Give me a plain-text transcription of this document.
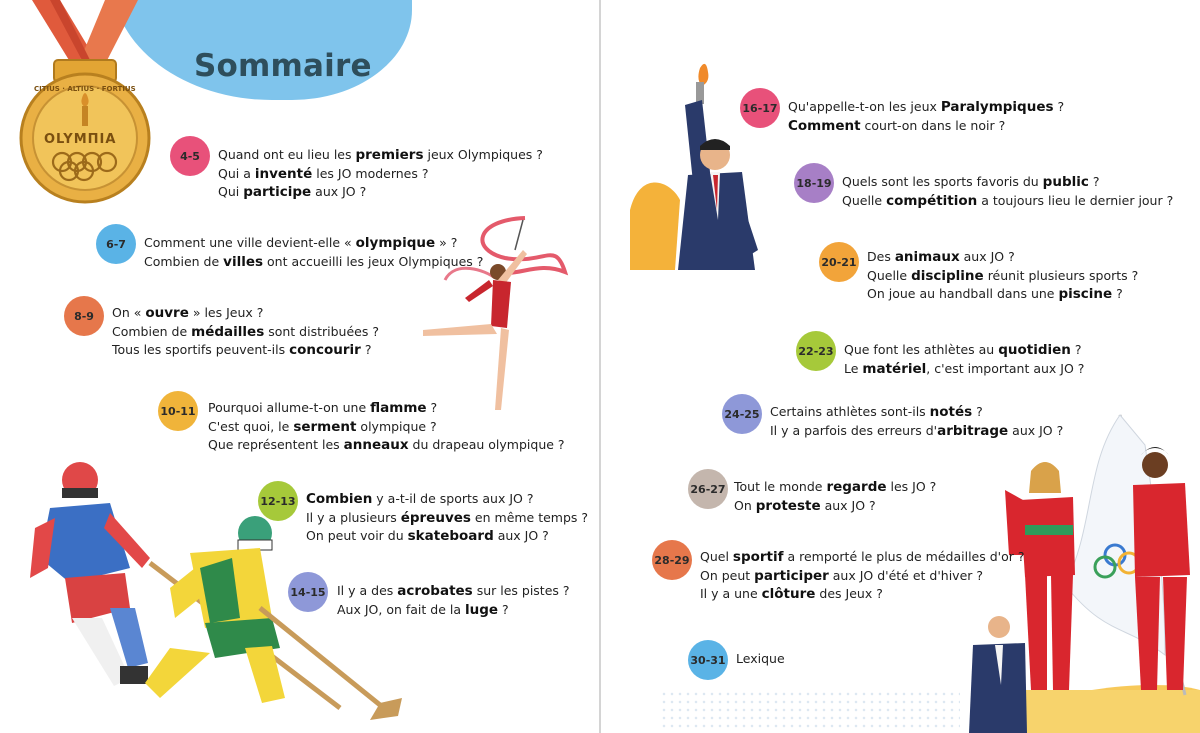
CITIUS · ALTIUS · FORTIUS
OLYMΠIA
Sommaire
4-5	Quand ont eu lieu les premiers jeux Olympiques ?
Qui a inventé les JO modernes ?
Qui participe aux JO ?
6-7	Comment une ville devient-elle « olympique » ?
Combien de villes ont accueilli les jeux Olympiques ?
8-9	On « ouvre » les Jeux ?
Combien de médailles sont distribuées ?
Tous les sportifs peuvent-ils concourir ?
10-11 Pourquoi allume-t-on une flamme ?
C'est quoi, le serment olympique ?
Que représentent les anneaux du drapeau olympique ?
12-13 Combien y a-t-il de sports aux JO ?
Il y a plusieurs épreuves en même temps ?
On peut voir du skateboard aux JO ?
14-15 Il y a des acrobates sur les pistes ?
Aux JO, on fait de la luge ?
16-17 Qu'appelle-t-on les jeux Paralympiques ?
Comment court-on dans le noir ?
18-19 Quels sont les sports favoris du public ?
Quelle compétition a toujours lieu le dernier jour ?
20-21 Des animaux aux JO ?
Quelle discipline réunit plusieurs sports ?
On joue au handball dans une piscine ?
22-23 Que font les athlètes au quotidien ?
Le matériel, c'est important aux JO ?
24-25 Certains athlètes sont-ils notés ?
Il y a parfois des erreurs d'arbitrage aux JO ?
26-27 Tout le monde regarde les JO ?
On proteste aux JO ?
28-29 Quel sportif a remporté le plus de médailles d'or ?
On peut participer aux JO d'été et d'hiver ?
Il y a une clôture des Jeux ?
30-31 Lexique
